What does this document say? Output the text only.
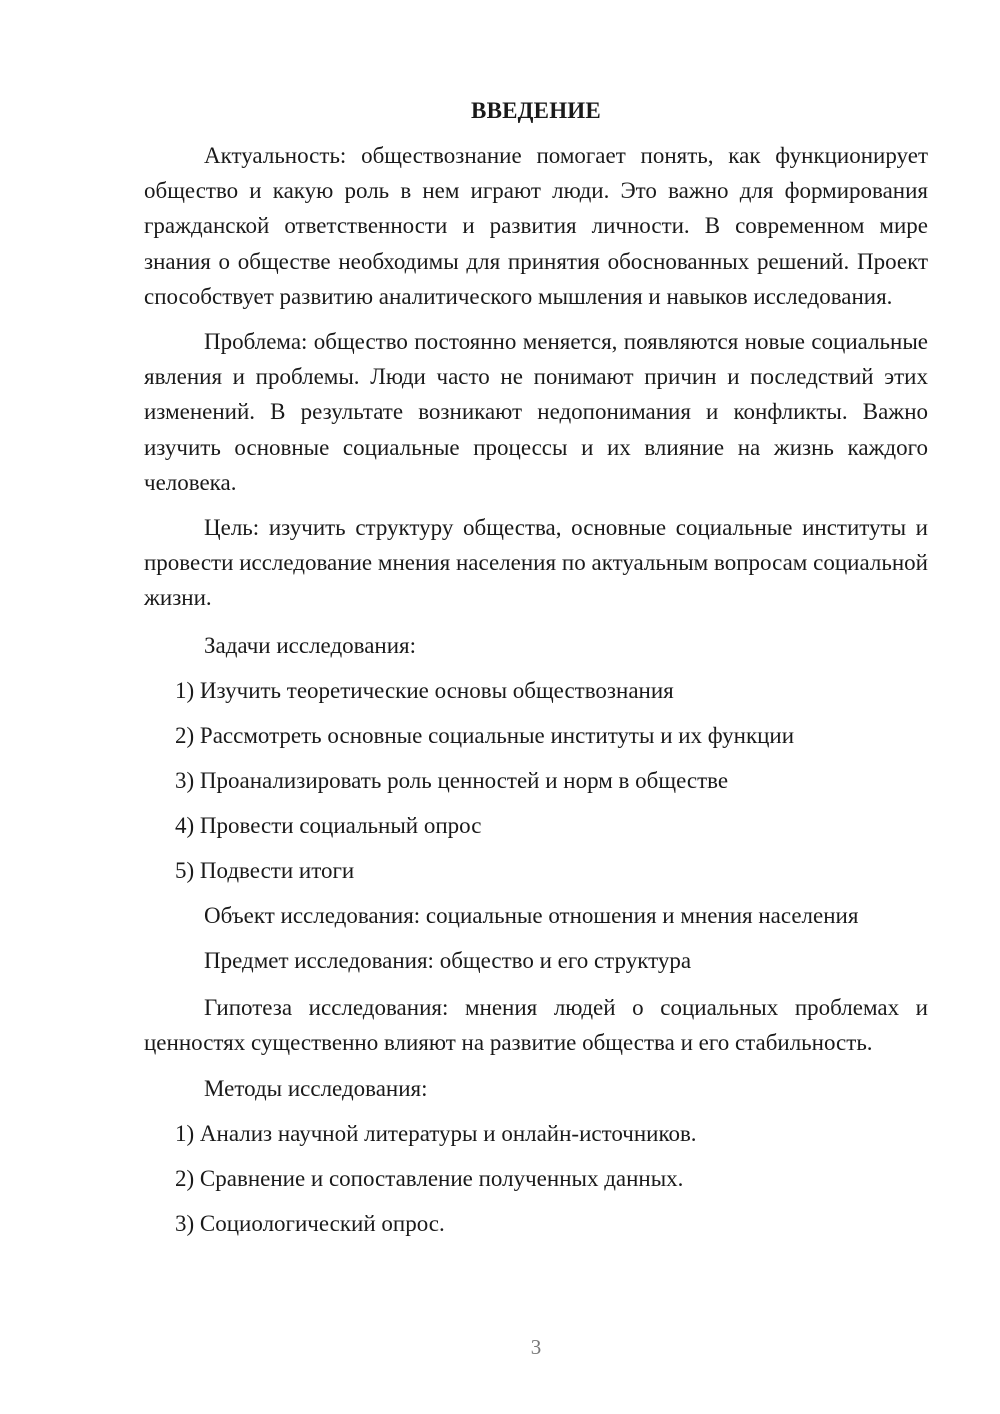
ВВЕДЕНИЕ

Актуальность: обществознание помогает понять, как функционирует общество и какую роль в нем играют люди. Это важно для формирования гражданской ответственности и развития личности. В современном мире знания о обществе необходимы для принятия обоснованных решений. Проект способствует развитию аналитического мышления и навыков исследования.

Проблема: общество постоянно меняется, появляются новые социальные явления и проблемы. Люди часто не понимают причин и последствий этих изменений. В результате возникают недопонимания и конфликты. Важно изучить основные социальные процессы и их влияние на жизнь каждого человека.

Цель: изучить структуру общества, основные социальные институты и провести исследование мнения населения по актуальным вопросам социальной жизни.

Задачи исследования:

1) Изучить теоретические основы обществознания

2) Рассмотреть основные социальные институты и их функции

3) Проанализировать роль ценностей и норм в обществе

4) Провести социальный опрос

5) Подвести итоги

Объект исследования: социальные отношения и мнения населения

Предмет исследования: общество и его структура

Гипотеза исследования: мнения людей о социальных проблемах и ценностях существенно влияют на развитие общества и его стабильность.

Методы исследования:

1) Анализ научной литературы и онлайн-источников.

2) Сравнение и сопоставление полученных данных.

3) Социологический опрос.

3
